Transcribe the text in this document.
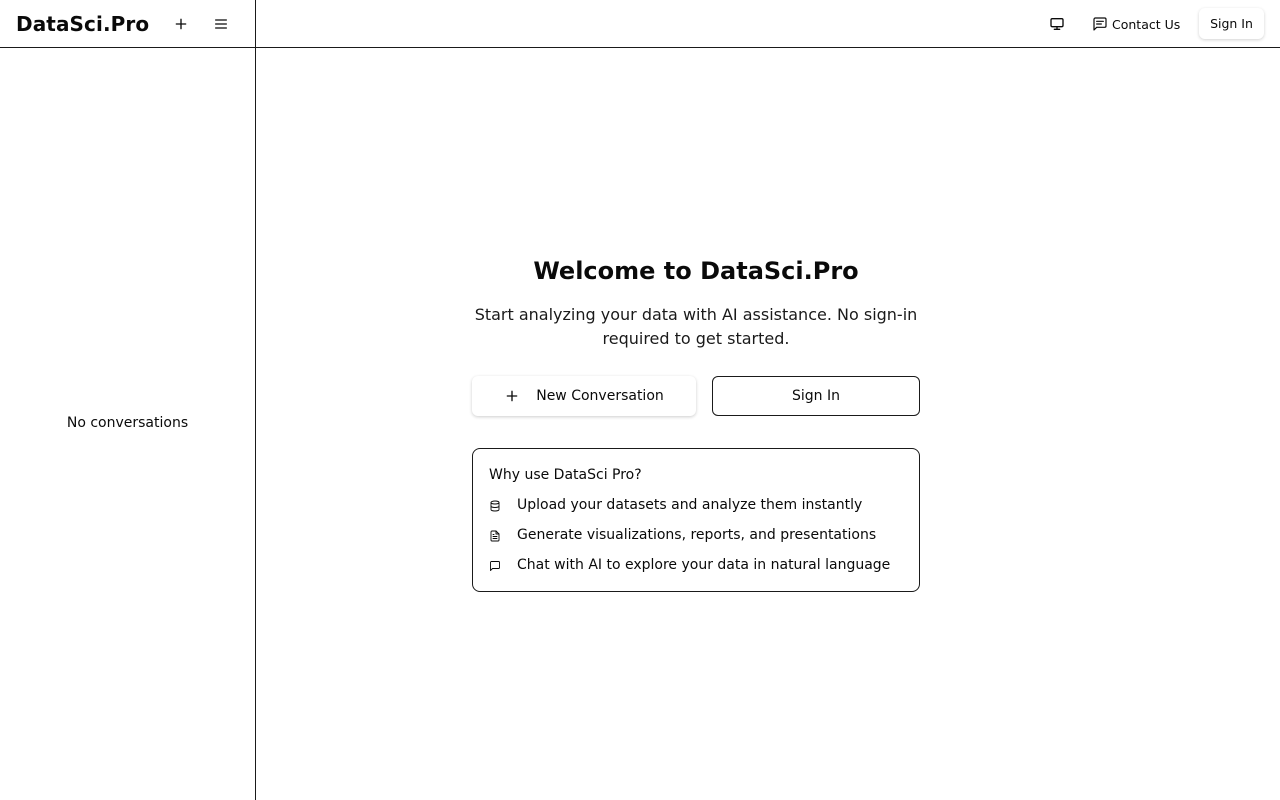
DataSci.Pro
No conversations
Contact Us	Sign In
Welcome to DataSci.Pro

Start analyzing your data with AI assistance. No sign-in required to get started.

New Conversation	Sign In
Why use DataSci Pro?
Upload your datasets and analyze them instantly
Generate visualizations, reports, and presentations
Chat with AI to explore your data in natural language
